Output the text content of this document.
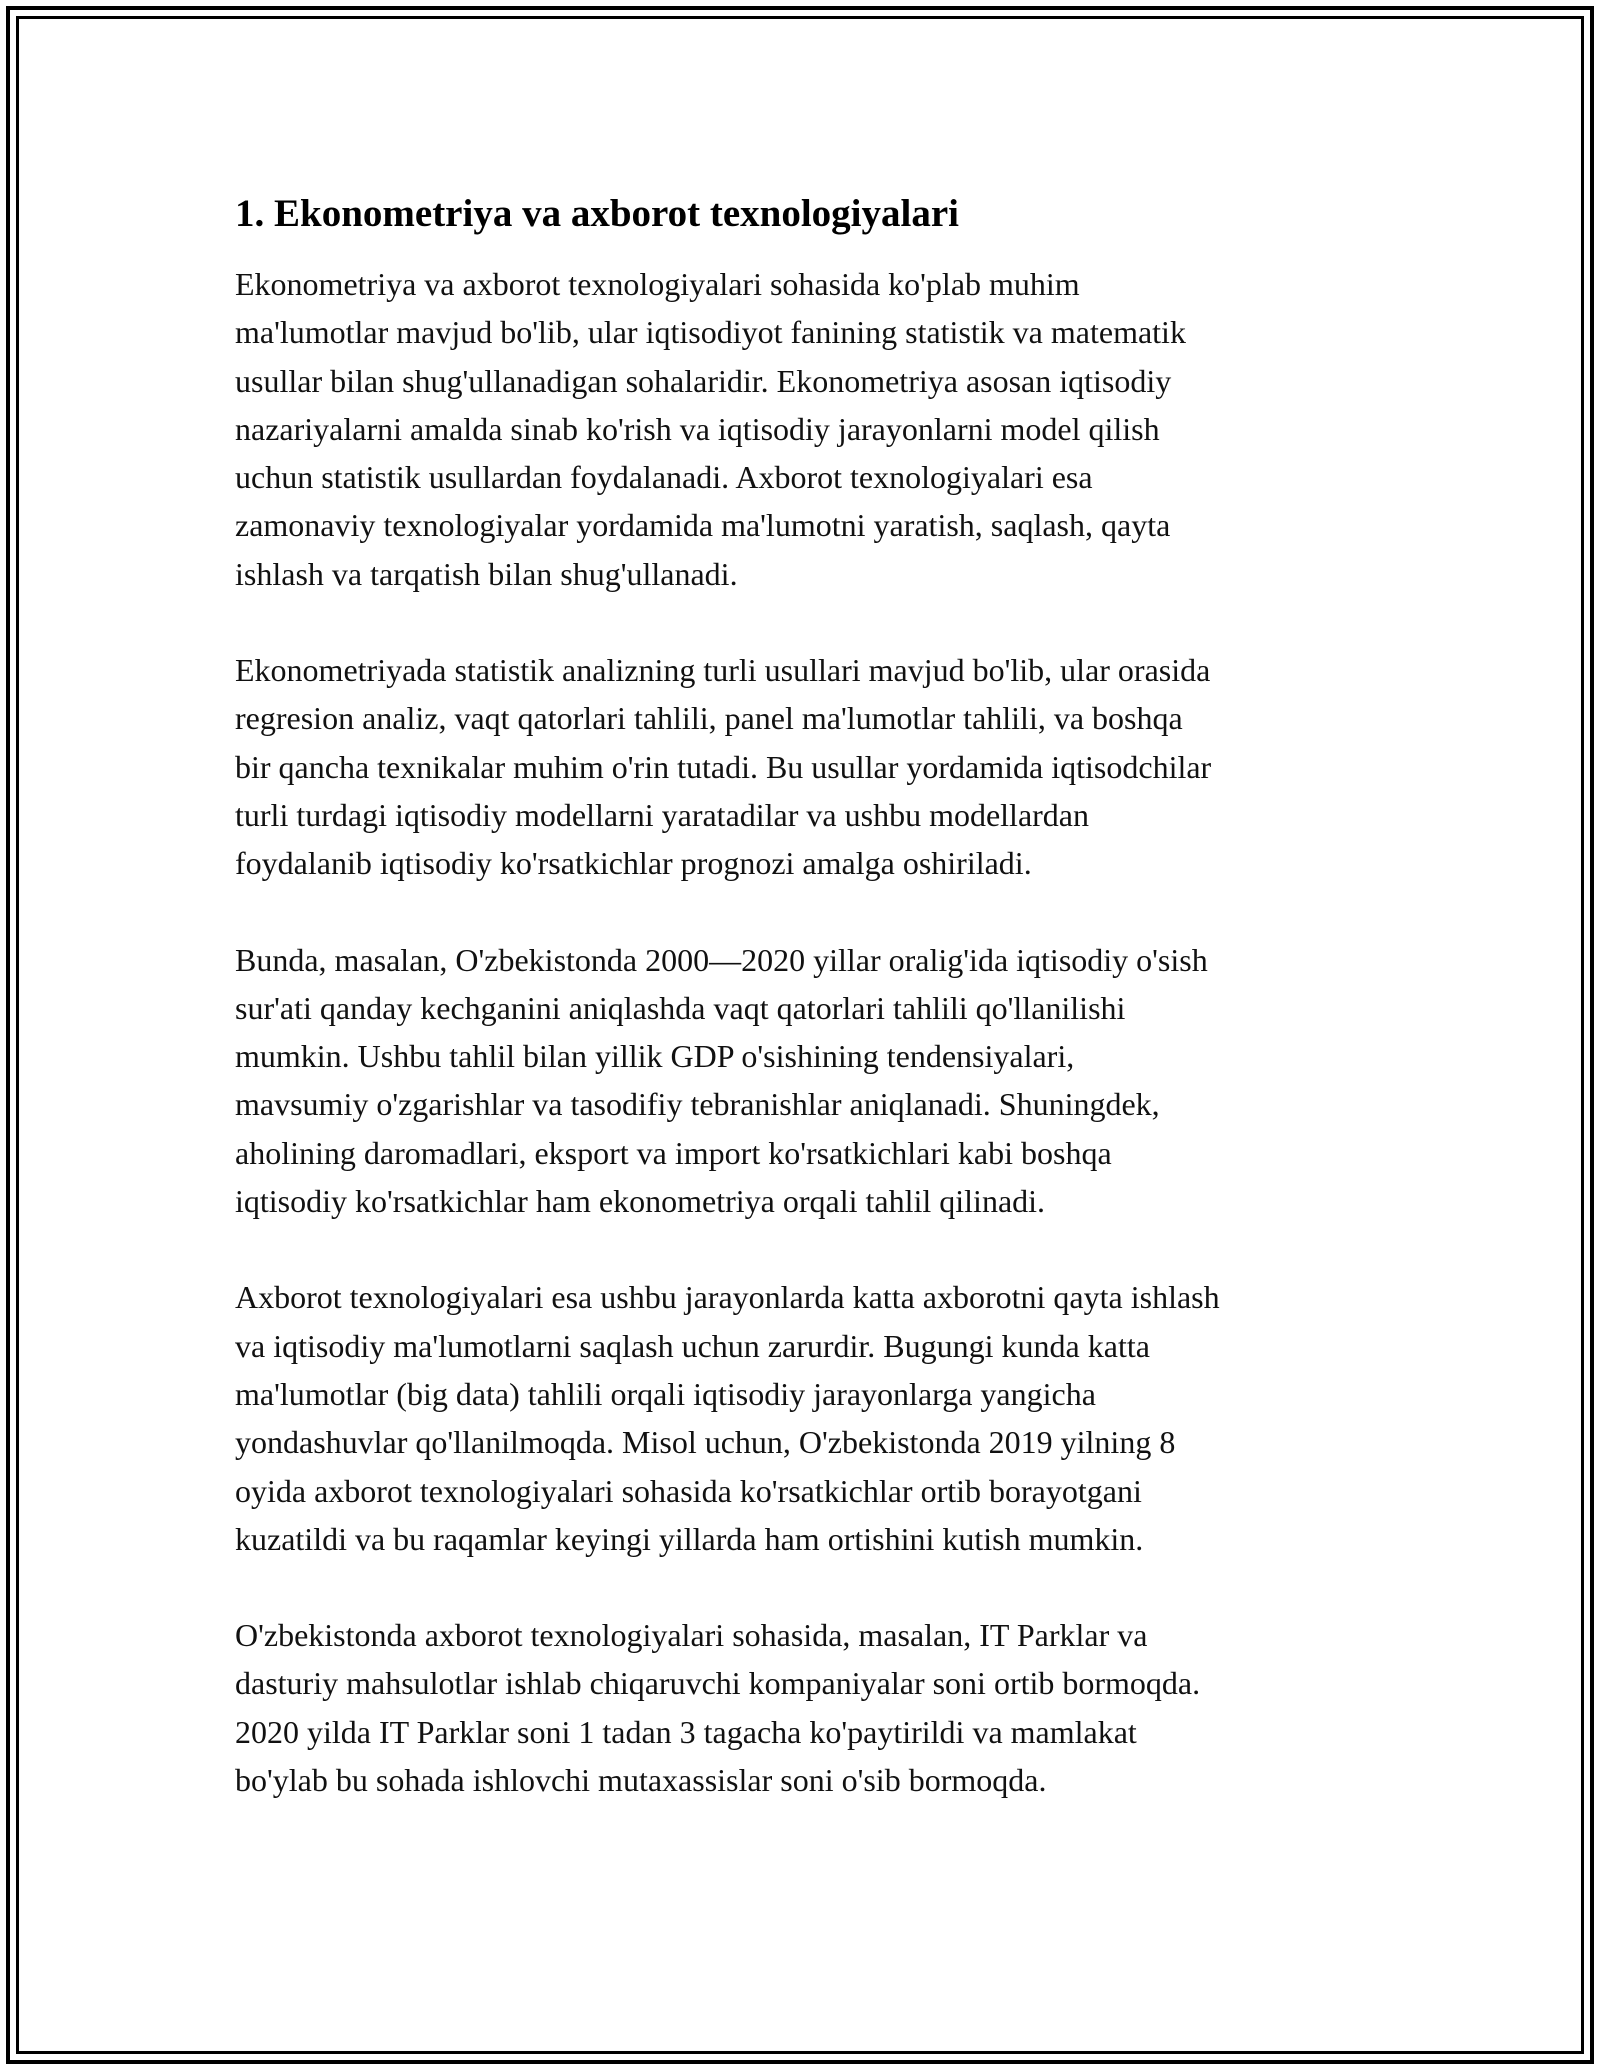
1. Ekonometriya va axborot texnologiyalari

Ekonometriya va axborot texnologiyalari sohasida ko'plab muhim
ma'lumotlar mavjud bo'lib, ular iqtisodiyot fanining statistik va matematik
usullar bilan shug'ullanadigan sohalaridir. Ekonometriya asosan iqtisodiy
nazariyalarni amalda sinab ko'rish va iqtisodiy jarayonlarni model qilish
uchun statistik usullardan foydalanadi. Axborot texnologiyalari esa
zamonaviy texnologiyalar yordamida ma'lumotni yaratish, saqlash, qayta
ishlash va tarqatish bilan shug'ullanadi.

Ekonometriyada statistik analizning turli usullari mavjud bo'lib, ular orasida
regresion analiz, vaqt qatorlari tahlili, panel ma'lumotlar tahlili, va boshqa
bir qancha texnikalar muhim o'rin tutadi. Bu usullar yordamida iqtisodchilar
turli turdagi iqtisodiy modellarni yaratadilar va ushbu modellardan
foydalanib iqtisodiy ko'rsatkichlar prognozi amalga oshiriladi.

Bunda, masalan, O'zbekistonda 2000—2020 yillar oralig'ida iqtisodiy o'sish
sur'ati qanday kechganini aniqlashda vaqt qatorlari tahlili qo'llanilishi
mumkin. Ushbu tahlil bilan yillik GDP o'sishining tendensiyalari,
mavsumiy o'zgarishlar va tasodifiy tebranishlar aniqlanadi. Shuningdek,
aholining daromadlari, eksport va import ko'rsatkichlari kabi boshqa
iqtisodiy ko'rsatkichlar ham ekonometriya orqali tahlil qilinadi.

Axborot texnologiyalari esa ushbu jarayonlarda katta axborotni qayta ishlash
va iqtisodiy ma'lumotlarni saqlash uchun zarurdir. Bugungi kunda katta
ma'lumotlar (big data) tahlili orqali iqtisodiy jarayonlarga yangicha
yondashuvlar qo'llanilmoqda. Misol uchun, O'zbekistonda 2019 yilning 8
oyida axborot texnologiyalari sohasida ko'rsatkichlar ortib borayotgani
kuzatildi va bu raqamlar keyingi yillarda ham ortishini kutish mumkin.

O'zbekistonda axborot texnologiyalari sohasida, masalan, IT Parklar va
dasturiy mahsulotlar ishlab chiqaruvchi kompaniyalar soni ortib bormoqda.
2020 yilda IT Parklar soni 1 tadan 3 tagacha ko'paytirildi va mamlakat
bo'ylab bu sohada ishlovchi mutaxassislar soni o'sib bormoqda.
